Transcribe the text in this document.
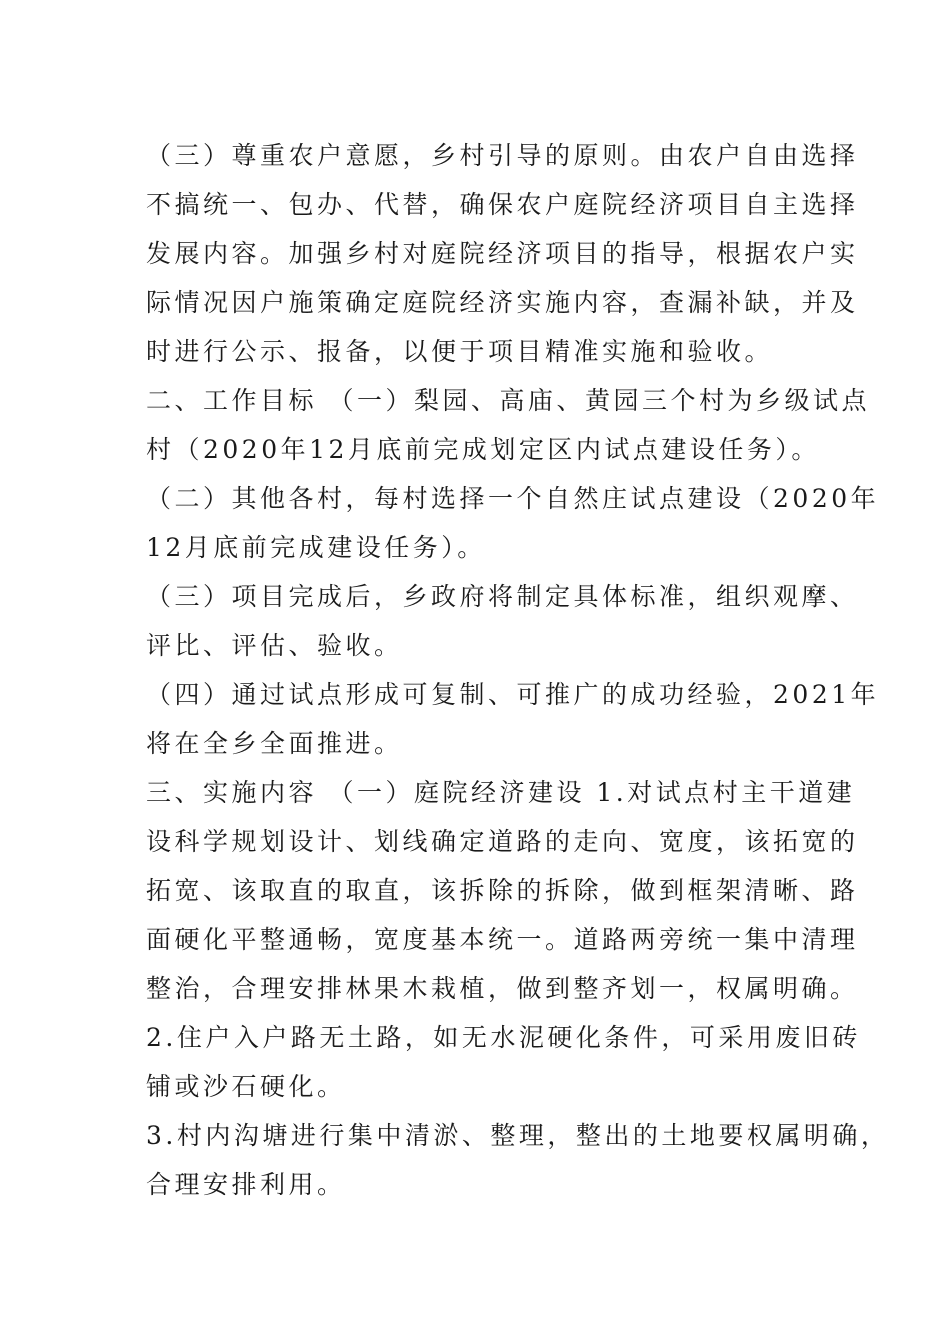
（三）尊重农户意愿，乡村引导的原则。由农户自由选择
不搞统一、包办、代替，确保农户庭院经济项目自主选择
发展内容。加强乡村对庭院经济项目的指导，根据农户实
际情况因户施策确定庭院经济实施内容，查漏补缺，并及
时进行公示、报备，以便于项目精准实施和验收。
二、工作目标 （一）梨园、高庙、黄园三个村为乡级试点
村（2020年12月底前完成划定区内试点建设任务）。
（二）其他各村，每村选择一个自然庄试点建设（2020年
12月底前完成建设任务）。
（三）项目完成后，乡政府将制定具体标准，组织观摩、
评比、评估、验收。
（四）通过试点形成可复制、可推广的成功经验，2021年
将在全乡全面推进。
三、实施内容 （一）庭院经济建设 1.对试点村主干道建
设科学规划设计、划线确定道路的走向、宽度，该拓宽的
拓宽、该取直的取直，该拆除的拆除，做到框架清晰、路
面硬化平整通畅，宽度基本统一。道路两旁统一集中清理
整治，合理安排林果木栽植，做到整齐划一，权属明确。
2.住户入户路无土路，如无水泥硬化条件，可采用废旧砖
铺或沙石硬化。
3.村内沟塘进行集中清淤、整理，整出的土地要权属明确，
合理安排利用。
